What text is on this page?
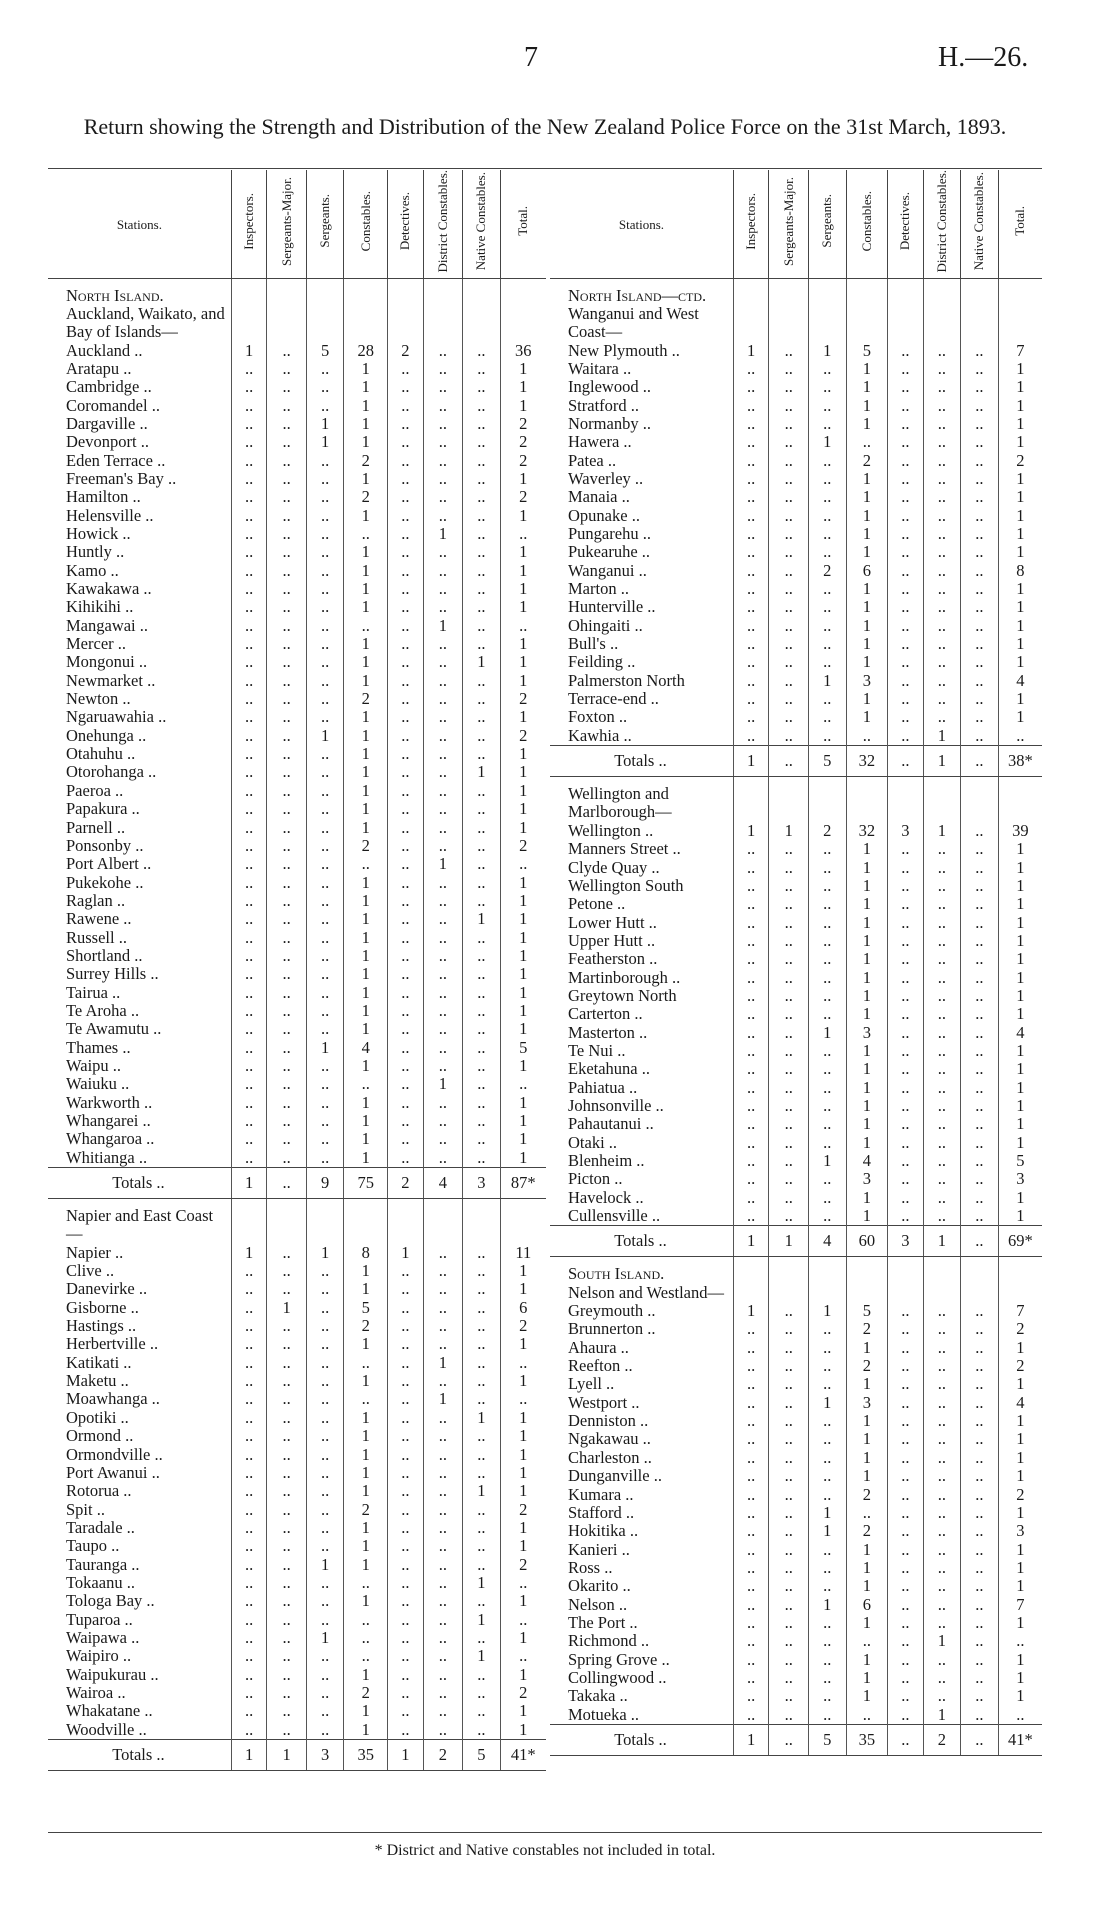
7	H.—26.
Return showing the Strength and Distribution of the New Zealand Police Force on the 31st March, 1893.
Stations.	Inspectors.	Sergeants-Major.	Sergeants.	Constables.	Detectives.	District Constables.	Native Constables.	Total.

North Island.								
Auckland, Waikato, and Bay of Islands—								
Auckland ..	1	..	5	28	2	..	..	36
Aratapu ..	..	..	..	1	..	..	..	1
Cambridge ..	..	..	..	1	..	..	..	1
Coromandel ..	..	..	..	1	..	..	..	1
Dargaville ..	..	..	1	1	..	..	..	2
Devonport ..	..	..	1	1	..	..	..	2
Eden Terrace ..	..	..	..	2	..	..	..	2
Freeman's Bay ..	..	..	..	1	..	..	..	1
Hamilton ..	..	..	..	2	..	..	..	2
Helensville ..	..	..	..	1	..	..	..	1
Howick ..	..	..	..	..	..	1	..	..
Huntly ..	..	..	..	1	..	..	..	1
Kamo ..	..	..	..	1	..	..	..	1
Kawakawa ..	..	..	..	1	..	..	..	1
Kihikihi ..	..	..	..	1	..	..	..	1
Mangawai ..	..	..	..	..	..	1	..	..
Mercer ..	..	..	..	1	..	..	..	1
Mongonui ..	..	..	..	1	..	..	1	1
Newmarket ..	..	..	..	1	..	..	..	1
Newton ..	..	..	..	2	..	..	..	2
Ngaruawahia ..	..	..	..	1	..	..	..	1
Onehunga ..	..	..	1	1	..	..	..	2
Otahuhu ..	..	..	..	1	..	..	..	1
Otorohanga ..	..	..	..	1	..	..	1	1
Paeroa ..	..	..	..	1	..	..	..	1
Papakura ..	..	..	..	1	..	..	..	1
Parnell ..	..	..	..	1	..	..	..	1
Ponsonby ..	..	..	..	2	..	..	..	2
Port Albert ..	..	..	..	..	..	1	..	..
Pukekohe ..	..	..	..	1	..	..	..	1
Raglan ..	..	..	..	1	..	..	..	1
Rawene ..	..	..	..	1	..	..	1	1
Russell ..	..	..	..	1	..	..	..	1
Shortland ..	..	..	..	1	..	..	..	1
Surrey Hills ..	..	..	..	1	..	..	..	1
Tairua ..	..	..	..	1	..	..	..	1
Te Aroha ..	..	..	..	1	..	..	..	1
Te Awamutu ..	..	..	..	1	..	..	..	1
Thames ..	..	..	1	4	..	..	..	5
Waipu ..	..	..	..	1	..	..	..	1
Waiuku ..	..	..	..	..	..	1	..	..
Warkworth ..	..	..	..	1	..	..	..	1
Whangarei ..	..	..	..	1	..	..	..	1
Whangaroa ..	..	..	..	1	..	..	..	1
Whitianga ..	..	..	..	1	..	..	..	1
Totals ..	1	..	9	75	2	4	3	87*

Napier and East Coast—								
Napier ..	1	..	1	8	1	..	..	11
Clive ..	..	..	..	1	..	..	..	1
Danevirke ..	..	..	..	1	..	..	..	1
Gisborne ..	..	1	..	5	..	..	..	6
Hastings ..	..	..	..	2	..	..	..	2
Herbertville ..	..	..	..	1	..	..	..	1
Katikati ..	..	..	..	..	..	1	..	..
Maketu ..	..	..	..	1	..	..	..	1
Moawhanga ..	..	..	..	..	..	1	..	..
Opotiki ..	..	..	..	1	..	..	1	1
Ormond ..	..	..	..	1	..	..	..	1
Ormondville ..	..	..	..	1	..	..	..	1
Port Awanui ..	..	..	..	1	..	..	..	1
Rotorua ..	..	..	..	1	..	..	1	1
Spit ..	..	..	..	2	..	..	..	2
Taradale ..	..	..	..	1	..	..	..	1
Taupo ..	..	..	..	1	..	..	..	1
Tauranga ..	..	..	1	1	..	..	..	2
Tokaanu ..	..	..	..	..	..	..	1	..
Tologa Bay ..	..	..	..	1	..	..	..	1
Tuparoa ..	..	..	..	..	..	..	1	..
Waipawa ..	..	..	1	..	..	..	..	1
Waipiro ..	..	..	..	..	..	..	1	..
Waipukurau ..	..	..	..	1	..	..	..	1
Wairoa ..	..	..	..	2	..	..	..	2
Whakatane ..	..	..	..	1	..	..	..	1
Woodville ..	..	..	..	1	..	..	..	1
Totals ..	1	1	3	35	1	2	5	41*
Stations.	Inspectors.	Sergeants-Major.	Sergeants.	Constables.	Detectives.	District Constables.	Native Constables.	Total.

North Island—ctd.								
Wanganui and West Coast—								
New Plymouth ..	1	..	1	5	..	..	..	7
Waitara ..	..	..	..	1	..	..	..	1
Inglewood ..	..	..	..	1	..	..	..	1
Stratford ..	..	..	..	1	..	..	..	1
Normanby ..	..	..	..	1	..	..	..	1
Hawera ..	..	..	1	..	..	..	..	1
Patea ..	..	..	..	2	..	..	..	2
Waverley ..	..	..	..	1	..	..	..	1
Manaia ..	..	..	..	1	..	..	..	1
Opunake ..	..	..	..	1	..	..	..	1
Pungarehu ..	..	..	..	1	..	..	..	1
Pukearuhe ..	..	..	..	1	..	..	..	1
Wanganui ..	..	..	2	6	..	..	..	8
Marton ..	..	..	..	1	..	..	..	1
Hunterville ..	..	..	..	1	..	..	..	1
Ohingaiti ..	..	..	..	1	..	..	..	1
Bull's ..	..	..	..	1	..	..	..	1
Feilding ..	..	..	..	1	..	..	..	1
Palmerston North	..	..	1	3	..	..	..	4
Terrace-end ..	..	..	..	1	..	..	..	1
Foxton ..	..	..	..	1	..	..	..	1
Kawhia ..	..	..	..	..	..	1	..	..
Totals ..	1	..	5	32	..	1	..	38*

Wellington and Marlborough—								
Wellington ..	1	1	2	32	3	1	..	39
Manners Street ..	..	..	..	1	..	..	..	1
Clyde Quay ..	..	..	..	1	..	..	..	1
Wellington South	..	..	..	1	..	..	..	1
Petone ..	..	..	..	1	..	..	..	1
Lower Hutt ..	..	..	..	1	..	..	..	1
Upper Hutt ..	..	..	..	1	..	..	..	1
Featherston ..	..	..	..	1	..	..	..	1
Martinborough ..	..	..	..	1	..	..	..	1
Greytown North	..	..	..	1	..	..	..	1
Carterton ..	..	..	..	1	..	..	..	1
Masterton ..	..	..	1	3	..	..	..	4
Te Nui ..	..	..	..	1	..	..	..	1
Eketahuna ..	..	..	..	1	..	..	..	1
Pahiatua ..	..	..	..	1	..	..	..	1
Johnsonville ..	..	..	..	1	..	..	..	1
Pahautanui ..	..	..	..	1	..	..	..	1
Otaki ..	..	..	..	1	..	..	..	1
Blenheim ..	..	..	1	4	..	..	..	5
Picton ..	..	..	..	3	..	..	..	3
Havelock ..	..	..	..	1	..	..	..	1
Cullensville ..	..	..	..	1	..	..	..	1
Totals ..	1	1	4	60	3	1	..	69*

South Island.								
Nelson and Westland—								
Greymouth ..	1	..	1	5	..	..	..	7
Brunnerton ..	..	..	..	2	..	..	..	2
Ahaura ..	..	..	..	1	..	..	..	1
Reefton ..	..	..	..	2	..	..	..	2
Lyell ..	..	..	..	1	..	..	..	1
Westport ..	..	..	1	3	..	..	..	4
Denniston ..	..	..	..	1	..	..	..	1
Ngakawau ..	..	..	..	1	..	..	..	1
Charleston ..	..	..	..	1	..	..	..	1
Dunganville ..	..	..	..	1	..	..	..	1
Kumara ..	..	..	..	2	..	..	..	2
Stafford ..	..	..	1	..	..	..	..	1
Hokitika ..	..	..	1	2	..	..	..	3
Kanieri ..	..	..	..	1	..	..	..	1
Ross ..	..	..	..	1	..	..	..	1
Okarito ..	..	..	..	1	..	..	..	1
Nelson ..	..	..	1	6	..	..	..	7
The Port ..	..	..	..	1	..	..	..	1
Richmond ..	..	..	..	..	..	1	..	..
Spring Grove ..	..	..	..	1	..	..	..	1
Collingwood ..	..	..	..	1	..	..	..	1
Takaka ..	..	..	..	1	..	..	..	1
Motueka ..	..	..	..	..	..	1	..	..
Totals ..	1	..	5	35	..	2	..	41*
* District and Native constables not included in total.
